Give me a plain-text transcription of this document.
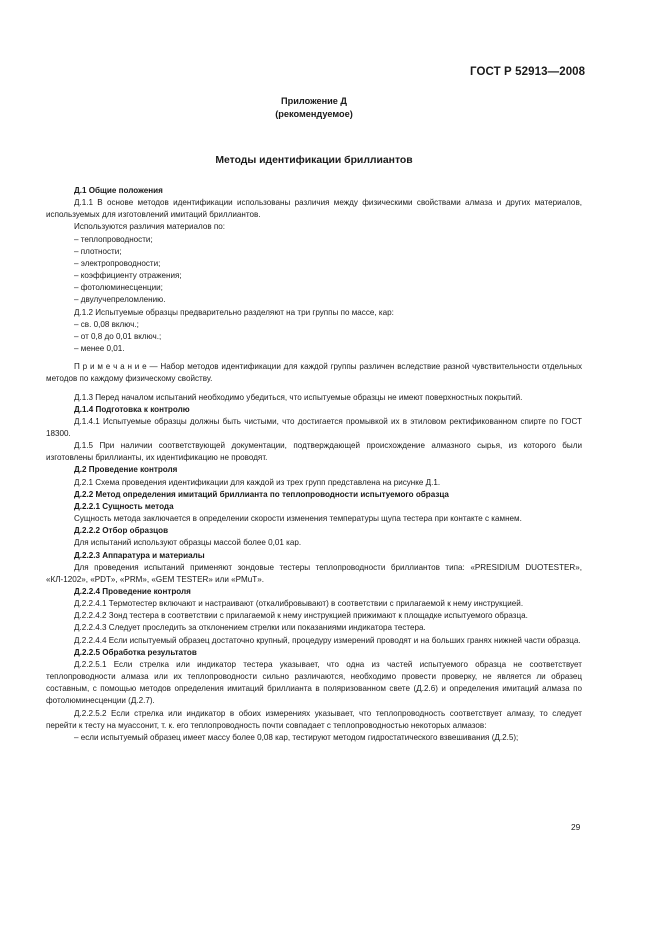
ГОСТ Р 52913—2008
Приложение Д
(рекомендуемое)
Методы идентификации бриллиантов

Д.1 Общие положения

Д.1.1 В основе методов идентификации использованы различия между физическими свойствами алмаза и других материалов, используемых для изготовлений имитаций бриллиантов.

Используются различия материалов по:

– теплопроводности;

– плотности;

– электропроводности;

– коэффициенту отражения;

– фотолюминесценции;

– двулучепреломлению.

Д.1.2 Испытуемые образцы предварительно разделяют на три группы по массе, кар:

– св. 0,08 включ.;

– от 0,8 до 0,01 включ.;

– менее 0,01.

П р и м е ч а н и е — Набор методов идентификации для каждой группы различен вследствие разной чувствительности отдельных методов по каждому физическому свойству.

Д.1.3 Перед началом испытаний необходимо убедиться, что испытуемые образцы не имеют поверхностных покрытий.

Д.1.4 Подготовка к контролю

Д.1.4.1 Испытуемые образцы должны быть чистыми, что достигается промывкой их в этиловом ректификованном спирте по ГОСТ 18300.

Д.1.5 При наличии соответствующей документации, подтверждающей происхождение алмазного сырья, из которого были изготовлены бриллианты, их идентификацию не проводят.

Д.2 Проведение контроля

Д.2.1 Схема проведения идентификации для каждой из трех групп представлена на рисунке Д.1.

Д.2.2 Метод определения имитаций бриллианта по теплопроводности испытуемого образца

Д.2.2.1 Сущность метода

Сущность метода заключается в определении скорости изменения температуры щупа тестера при контакте с камнем.

Д.2.2.2 Отбор образцов

Для испытаний используют образцы массой более 0,01 кар.

Д.2.2.3 Аппаратура и материалы

Для проведения испытаний применяют зондовые тестеры теплопроводности бриллиантов типа: «PRESIDIUM DUOTESTER», «КЛ-1202», «PDT», «PRM», «GEM TESTER» или «PMuT».

Д.2.2.4 Проведение контроля

Д.2.2.4.1 Термотестер включают и настраивают (откалибровывают) в соответствии с прилагаемой к нему инструкцией.

Д.2.2.4.2 Зонд тестера в соответствии с прилагаемой к нему инструкцией прижимают к площадке испытуемого образца.

Д.2.2.4.3 Следует проследить за отклонением стрелки или показаниями индикатора тестера.

Д.2.2.4.4 Если испытуемый образец достаточно крупный, процедуру измерений проводят и на больших гранях нижней части образца.

Д.2.2.5 Обработка результатов

Д.2.2.5.1 Если стрелка или индикатор тестера указывает, что одна из частей испытуемого образца не соответствует теплопроводности алмаза или их теплопроводности сильно различаются, необходимо провести проверку, не является ли образец составным, с помощью методов определения имитаций бриллианта в поляризованном свете (Д.2.6) и определения имитаций алмаза по фотолюминесценции (Д.2.7).

Д.2.2.5.2 Если стрелка или индикатор в обоих измерениях указывает, что теплопроводность соответствует алмазу, то следует перейти к тесту на муассонит, т. к. его теплопроводность почти совпадает с теплопроводностью некоторых алмазов:

– если испытуемый образец имеет массу более 0,08 кар, тестируют методом гидростатического взвешивания (Д.2.5);

29
